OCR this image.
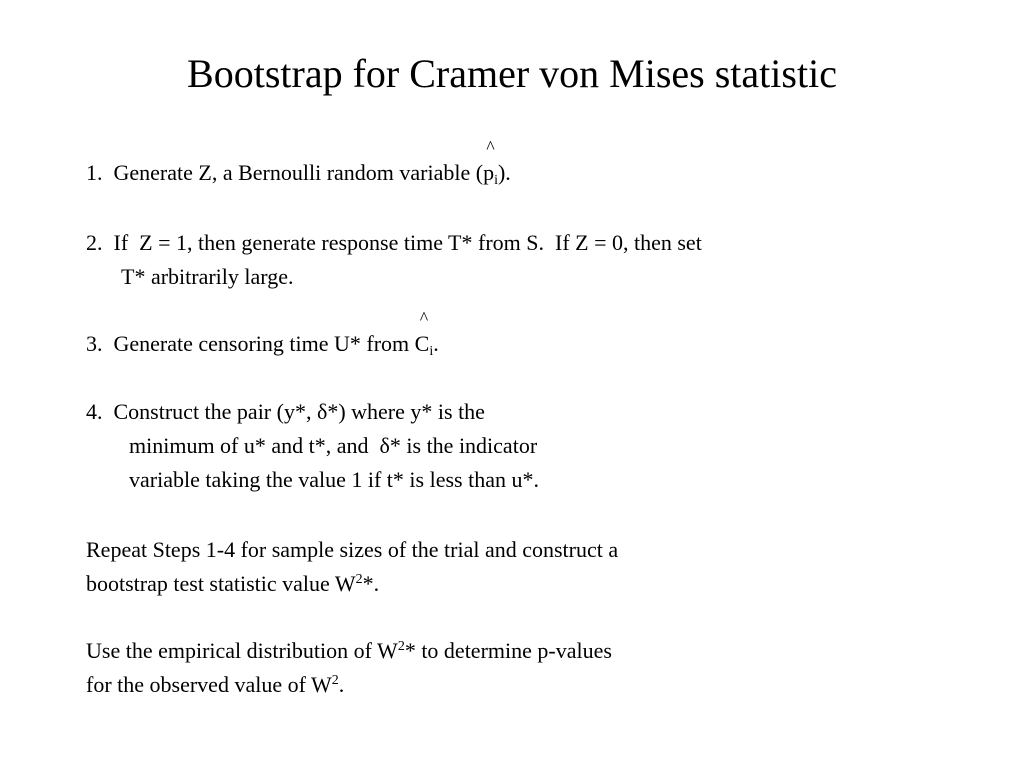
Bootstrap for Cramer von Mises statistic
1.  Generate Z, a Bernoulli random variable (
^
$p_i$).
2.  If  Z = 1, then generate response time T* from S.  If Z = 0, then set
T* arbitrarily large.
3.  Generate censoring time U* from
^
$C_i$.
4.  Construct the pair (y*, δ*) where y* is the
minimum of u* and t*, and  δ* is the indicator
variable taking the value 1 if t* is less than u*.
Repeat Steps 1-4 for sample sizes of the trial and construct a
bootstrap test statistic value $W^2*$.
Use the empirical distribution of $W^2*$ to determine p-values
for the observed value of $W^2$.
